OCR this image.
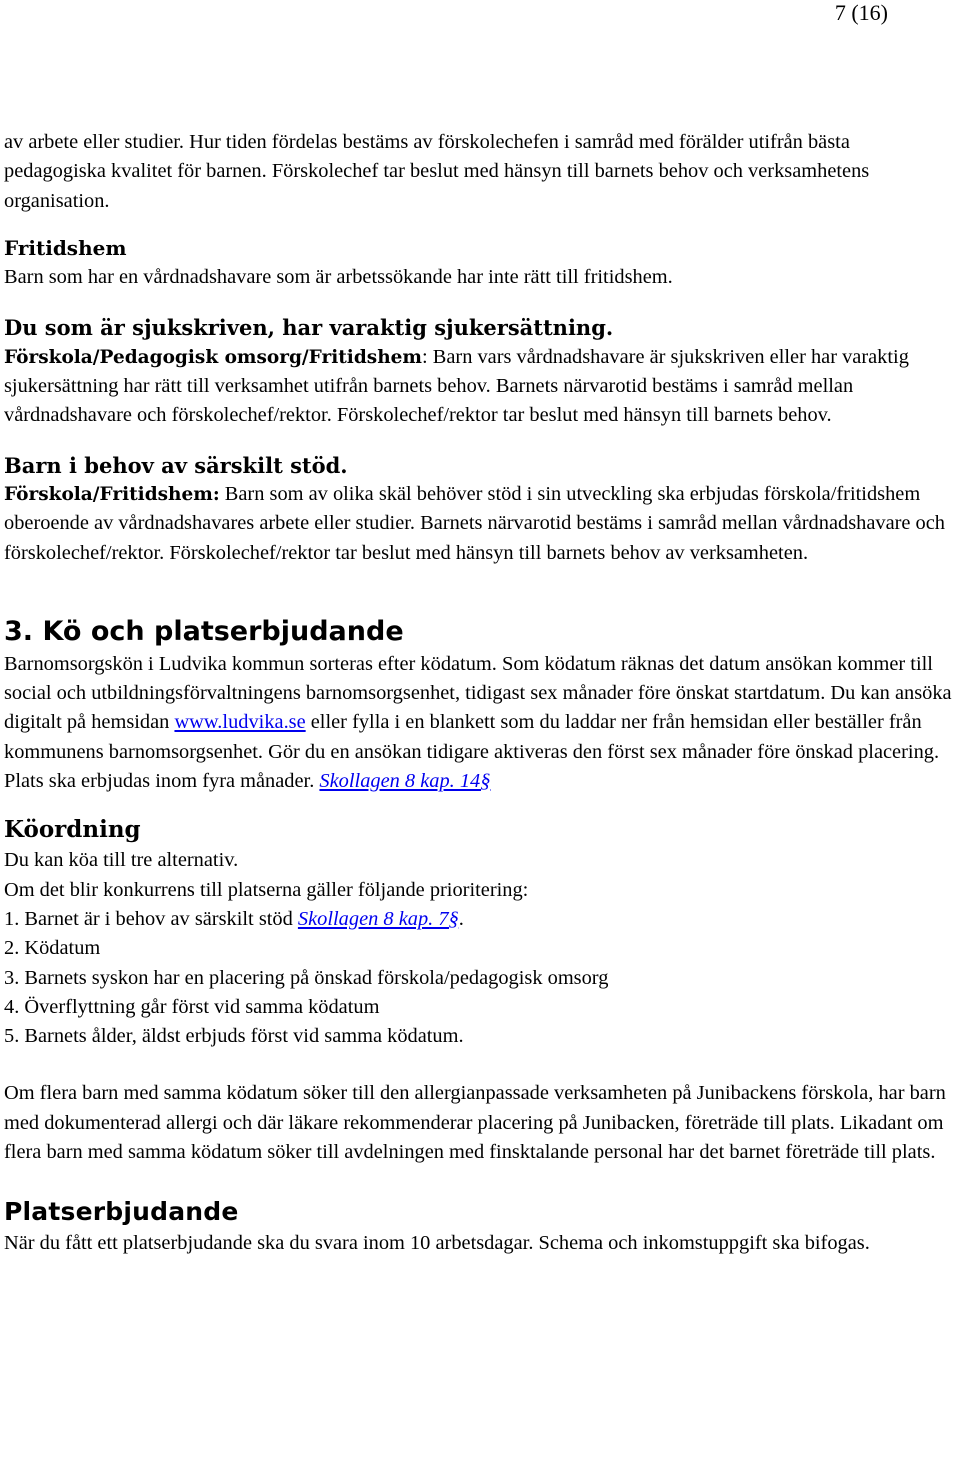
7 (16)

av arbete eller studier. Hur tiden fördelas bestäms av förskolechefen i samråd med förälder utifrån bästa pedagogiska kvalitet för barnen. Förskolechef tar beslut med hänsyn till barnets behov och verksamhetens organisation.

Fritidshem

Barn som har en vårdnadshavare som är arbetssökande har inte rätt till fritidshem.

Du som är sjukskriven, har varaktig sjukersättning.

Förskola/Pedagogisk omsorg/Fritidshem: Barn vars vårdnadshavare är sjukskriven eller har varaktig sjukersättning har rätt till verksamhet utifrån barnets behov. Barnets närvarotid bestäms i samråd mellan vårdnadshavare och förskolechef/rektor. Förskolechef/rektor tar beslut med hänsyn till barnets behov.

Barn i behov av särskilt stöd.

Förskola/Fritidshem: Barn som av olika skäl behöver stöd i sin utveckling ska erbjudas förskola/fritidshem oberoende av vårdnadshavares arbete eller studier. Barnets närvarotid bestäms i samråd mellan vårdnadshavare och förskolechef/rektor. Förskolechef/rektor tar beslut med hänsyn till barnets behov av verksamheten.

3. Kö och platserbjudande

Barnomsorgskön i Ludvika kommun sorteras efter ködatum. Som ködatum räknas det datum ansökan kommer till social och utbildningsförvaltningens barnomsorgsenhet, tidigast sex månader före önskat startdatum. Du kan ansöka digitalt på hemsidan www.ludvika.se eller fylla i en blankett som du laddar ner från hemsidan eller beställer från kommunens barnomsorgsenhet. Gör du en ansökan tidigare aktiveras den först sex månader före önskad placering. Plats ska erbjudas inom fyra månader. Skollagen 8 kap. 14§

Köordning

Du kan köa till tre alternativ.

Om det blir konkurrens till platserna gäller följande prioritering:

1. Barnet är i behov av särskilt stöd Skollagen 8 kap. 7§.
2. Ködatum
3. Barnets syskon har en placering på önskad förskola/pedagogisk omsorg
4. Överflyttning går först vid samma ködatum
5. Barnets ålder, äldst erbjuds först vid samma ködatum.

Om flera barn med samma ködatum söker till den allergianpassade verksamheten på Junibackens förskola, har barn med dokumenterad allergi och där läkare rekommenderar placering på Junibacken, företräde till plats. Likadant om flera barn med samma ködatum söker till avdelningen med finsktalande personal har det barnet företräde till plats.

Platserbjudande

När du fått ett platserbjudande ska du svara inom 10 arbetsdagar. Schema och inkomstuppgift ska bifogas.
